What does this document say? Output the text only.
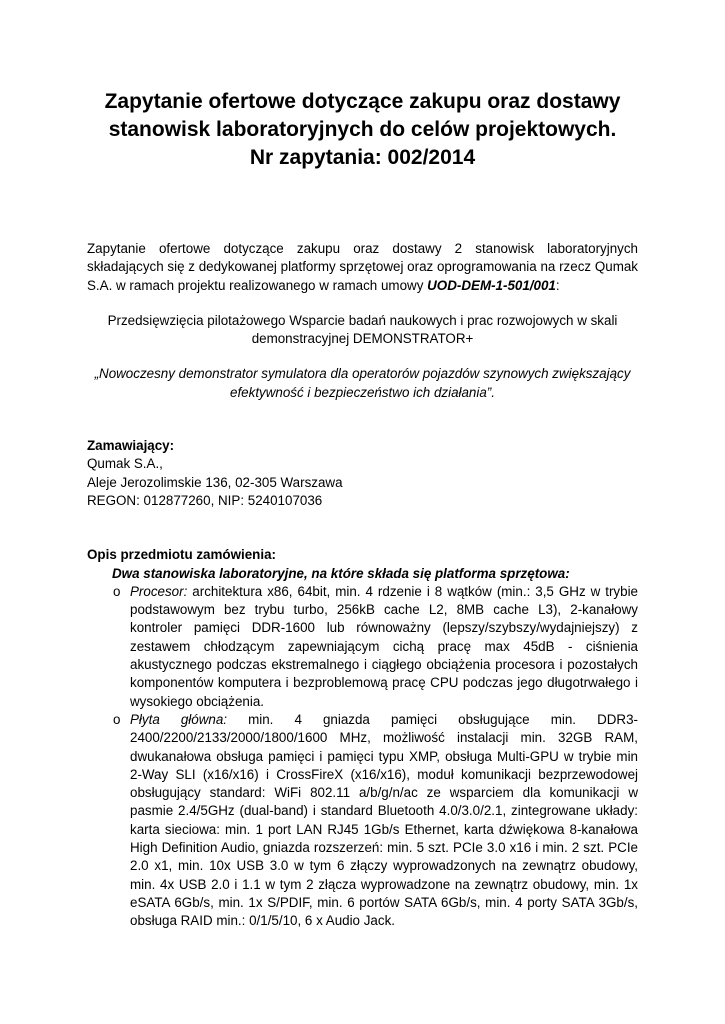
Zapytanie ofertowe dotyczące zakupu oraz dostawy
stanowisk laboratoryjnych do celów projektowych.
Nr zapytania: 002/2014

Zapytanie ofertowe dotyczące zakupu oraz dostawy 2 stanowisk laboratoryjnych składających się z dedykowanej platformy sprzętowej oraz oprogramowania na rzecz Qumak S.A. w ramach projektu realizowanego w ramach umowy UOD-DEM-1-501/001:

Przedsięwzięcia pilotażowego Wsparcie badań naukowych i prac rozwojowych w skali demonstracyjnej DEMONSTRATOR+

„Nowoczesny demonstrator symulatora dla operatorów pojazdów szynowych zwiększający efektywność i bezpieczeństwo ich działania”.

Zamawiający:
Qumak S.A.,
Aleje Jerozolimskie 136, 02-305 Warszawa
REGON: 012877260, NIP: 5240107036
Opis przedmiotu zamówienia:
Dwa stanowiska laboratoryjne, na które składa się platforma sprzętowa:
o Procesor: architektura x86, 64bit, min. 4 rdzenie i 8 wątków (min.: 3,5 GHz w trybie podstawowym bez trybu turbo, 256kB cache L2, 8MB cache L3), 2-kanałowy kontroler pamięci DDR-1600 lub równoważny (lepszy/szybszy/wydajniejszy) z zestawem chłodzącym zapewniającym cichą pracę max 45dB - ciśnienia akustycznego podczas ekstremalnego i ciągłego obciążenia procesora i pozostałych komponentów komputera i bezproblemową pracę CPU podczas jego długotrwałego i wysokiego obciążenia.
o Płyta główna: min. 4 gniazda pamięci obsługujące min. DDR3-2400/2200/2133/2000/1800/1600 MHz, możliwość instalacji min. 32GB RAM, dwukanałowa obsługa pamięci i pamięci typu XMP, obsługa Multi-GPU w trybie min 2-Way SLI (x16/x16) i CrossFireX (x16/x16), moduł komunikacji bezprzewodowej obsługujący standard: WiFi 802.11 a/b/g/n/ac ze wsparciem dla komunikacji w pasmie 2.4/5GHz (dual-band) i standard Bluetooth 4.0/3.0/2.1, zintegrowane układy: karta sieciowa: min. 1 port LAN RJ45 1Gb/s Ethernet, karta dźwiękowa 8-kanałowa High Definition Audio, gniazda rozszerzeń: min. 5 szt. PCIe 3.0 x16 i min. 2 szt. PCIe 2.0 x1, min. 10x USB 3.0 w tym 6 złączy wyprowadzonych na zewnątrz obudowy, min. 4x USB 2.0 i 1.1 w tym 2 złącza wyprowadzone na zewnątrz obudowy, min. 1x eSATA 6Gb/s, min. 1x S/PDIF, min. 6 portów SATA 6Gb/s, min. 4 porty SATA 3Gb/s, obsługa RAID min.: 0/1/5/10, 6 x Audio Jack.
